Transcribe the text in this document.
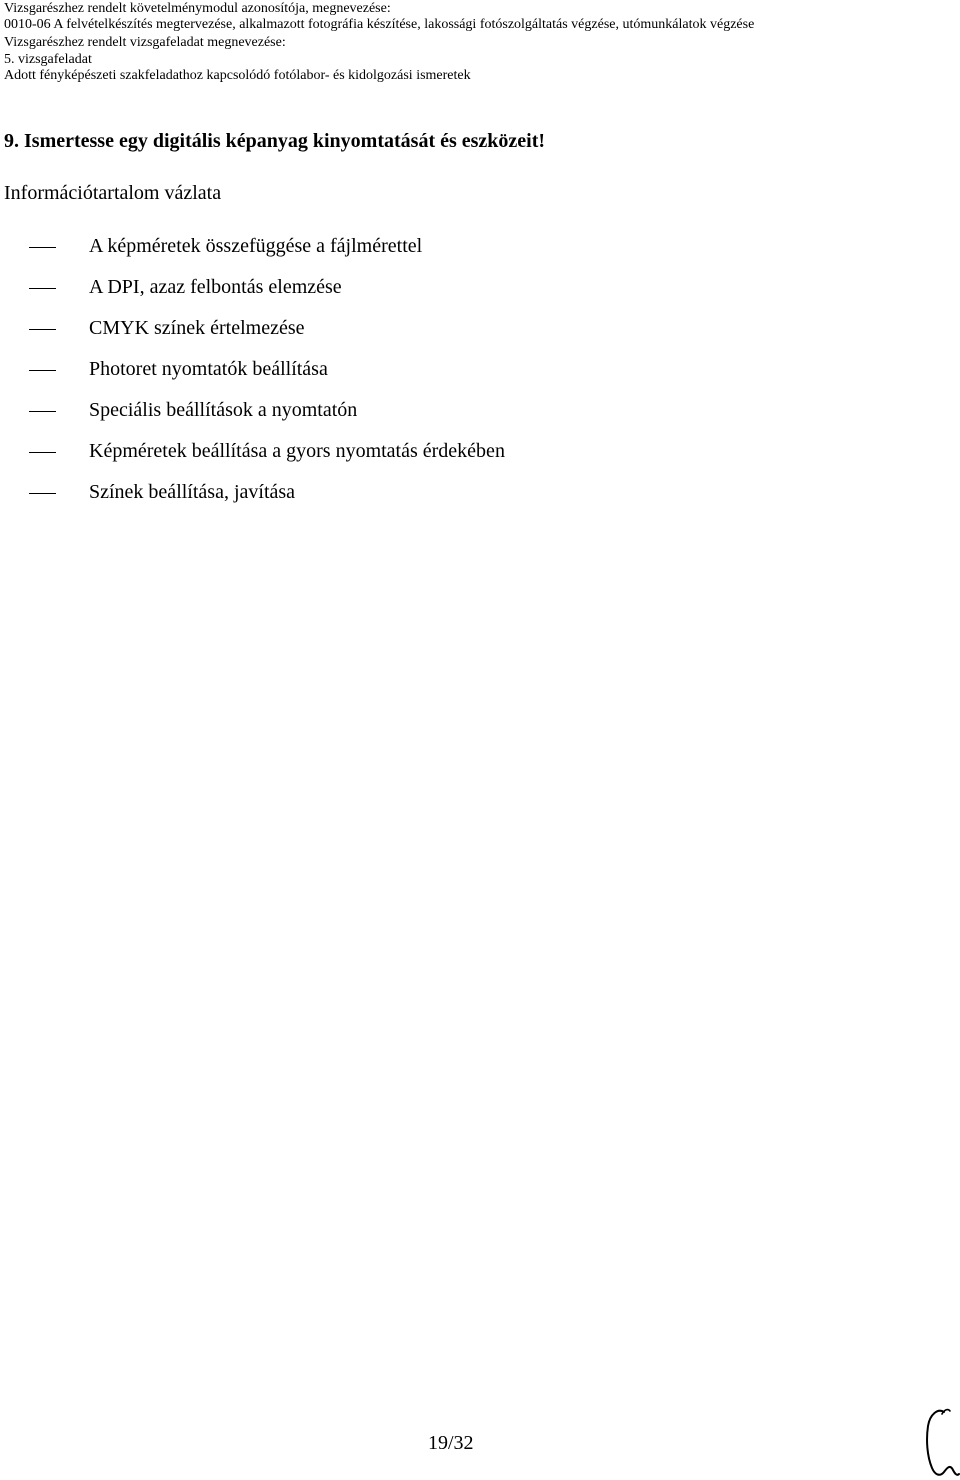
Vizsgarészhez rendelt követelménymodul azonosítója, megnevezése:
0010-06 A felvételkészítés megtervezése, alkalmazott fotográfia készítése, lakossági fotószolgáltatás végzése, utómunkálatok végzése
Vizsgarészhez rendelt vizsgafeladat megnevezése:
5. vizsgafeladat
Adott fényképészeti szakfeladathoz kapcsolódó fotólabor- és kidolgozási ismeretek
9. Ismertesse egy digitális képanyag kinyomtatását és eszközeit!
Információtartalom vázlata
A képméretek összefüggése a fájlmérettel
A DPI, azaz felbontás elemzése
CMYK színek értelmezése
Photoret nyomtatók beállítása
Speciális beállítások a nyomtatón
Képméretek beállítása a gyors nyomtatás érdekében
Színek beállítása, javítása
19/32
